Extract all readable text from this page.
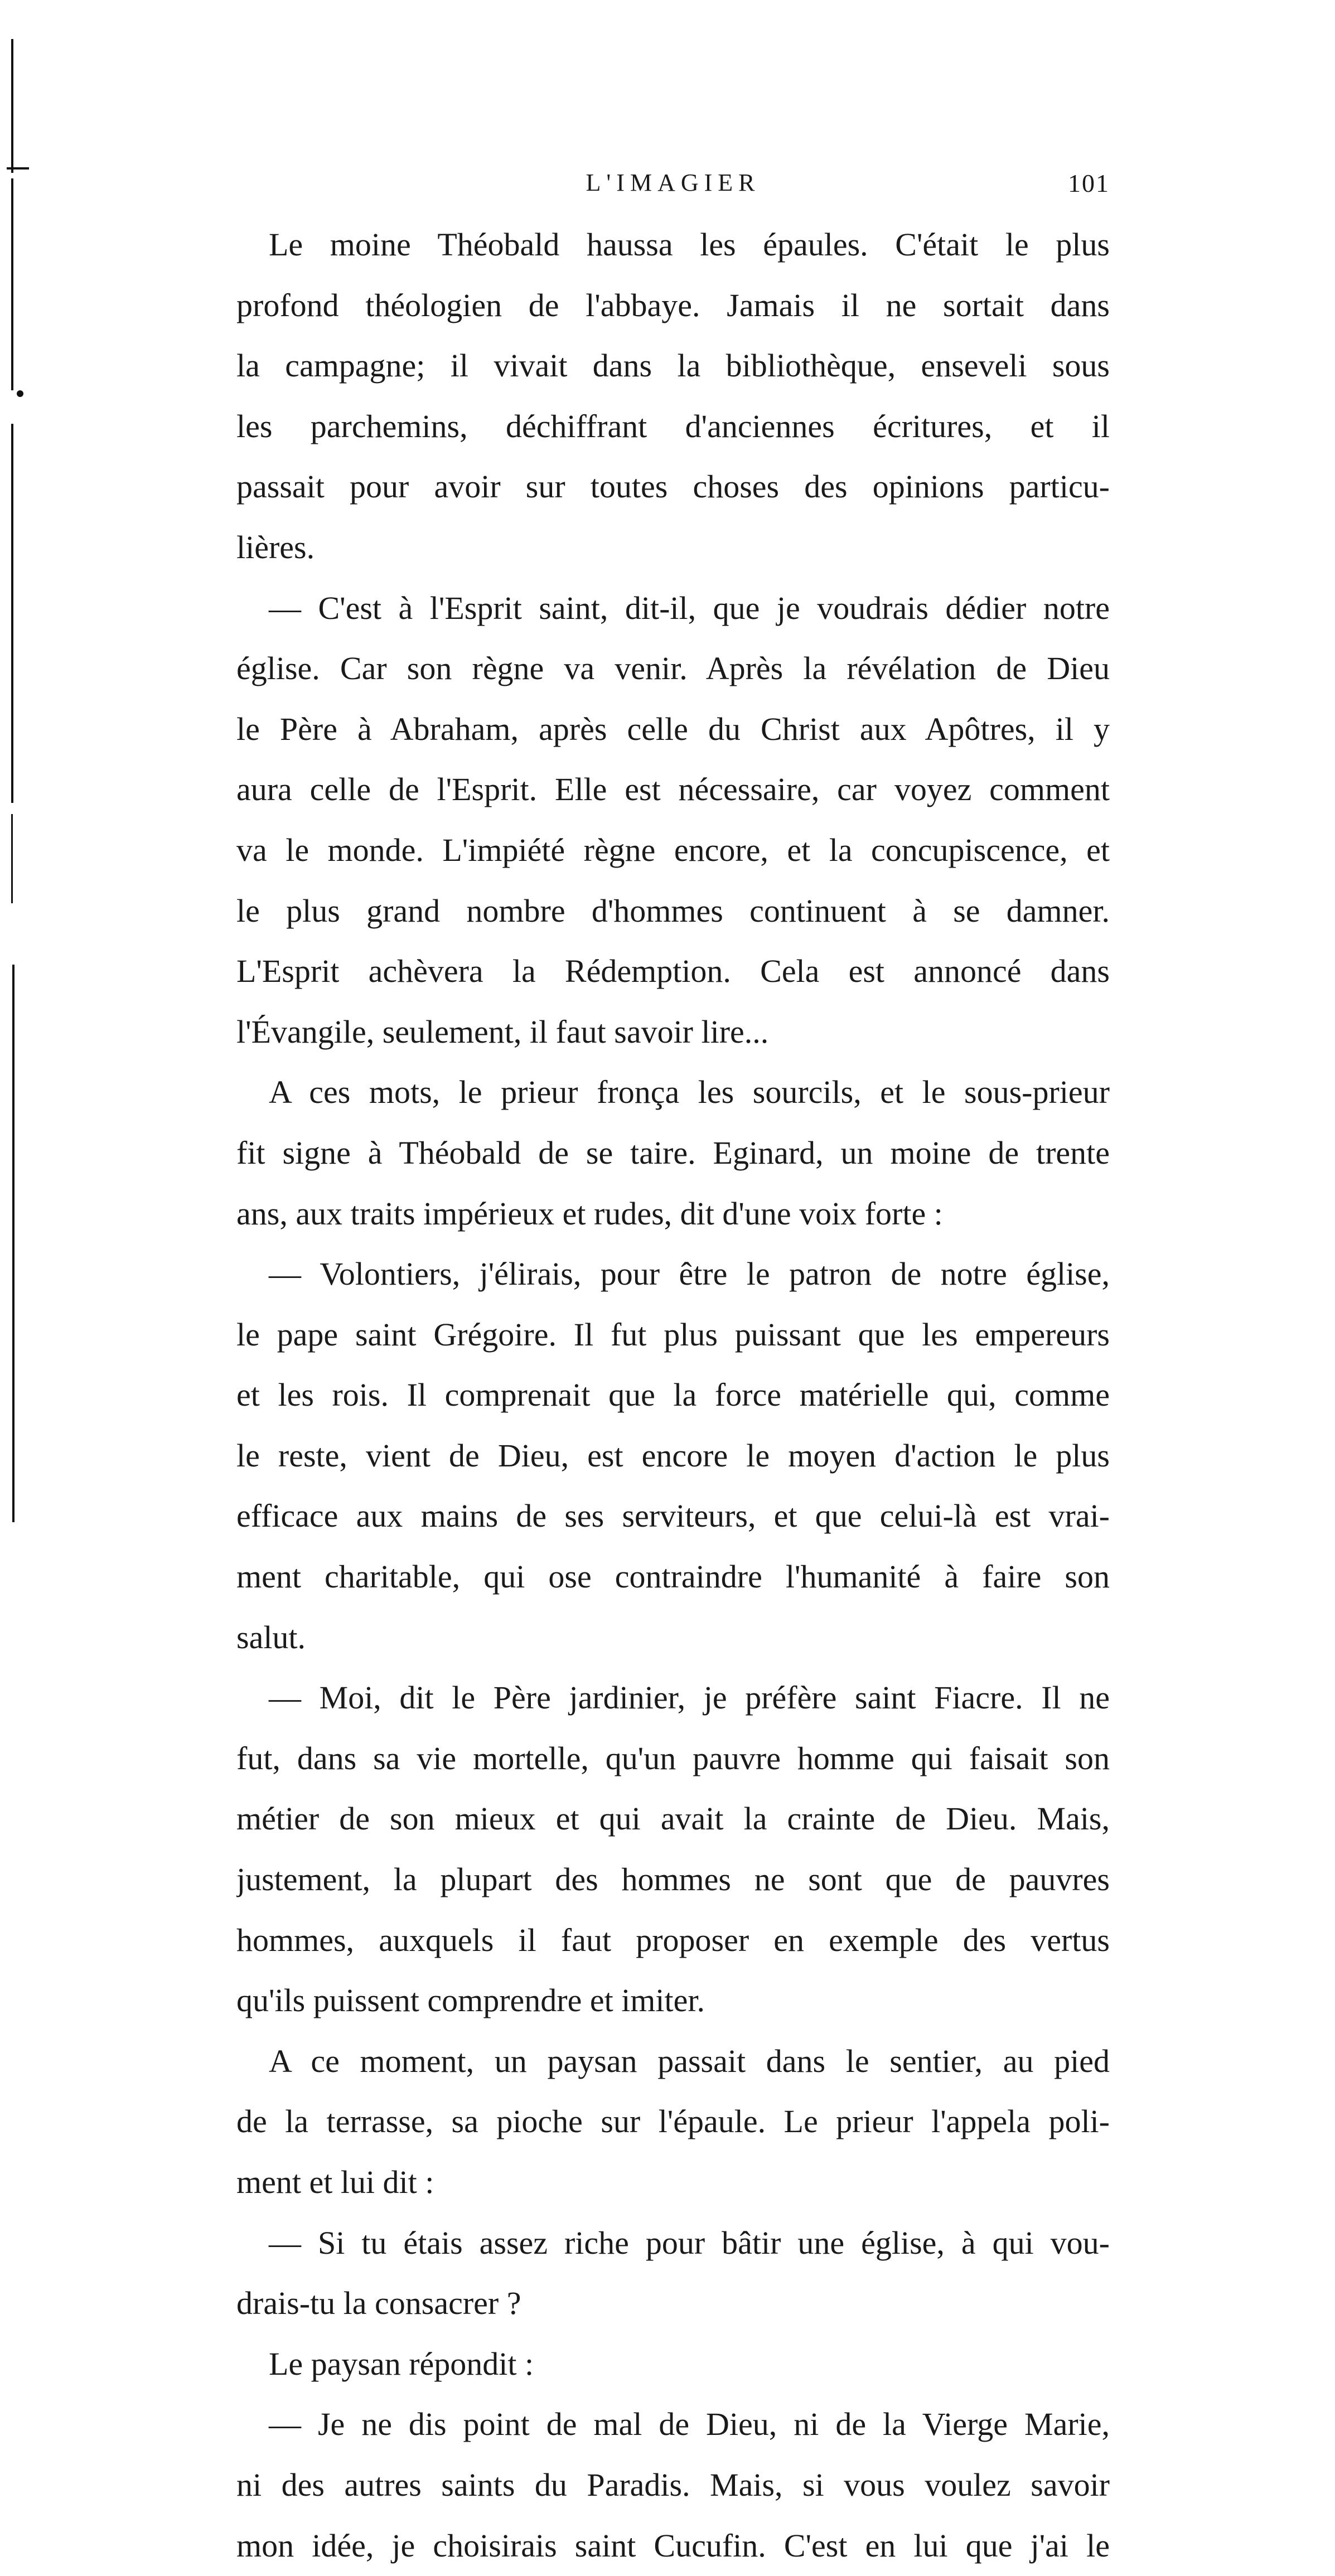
L'IMAGIER	101
Le moine Théobald haussa les épaules. C'était le plus
profond théologien de l'abbaye. Jamais il ne sortait dans
la campagne; il vivait dans la bibliothèque, enseveli sous
les parchemins, déchiffrant d'anciennes écritures, et il
passait pour avoir sur toutes choses des opinions particu-
lières.
— C'est à l'Esprit saint, dit-il, que je voudrais dédier notre
église. Car son règne va venir. Après la révélation de Dieu
le Père à Abraham, après celle du Christ aux Apôtres, il y
aura celle de l'Esprit. Elle est nécessaire, car voyez comment
va le monde. L'impiété règne encore, et la concupiscence, et
le plus grand nombre d'hommes continuent à se damner.
L'Esprit achèvera la Rédemption. Cela est annoncé dans
l'Évangile, seulement, il faut savoir lire...
A ces mots, le prieur fronça les sourcils, et le sous-prieur
fit signe à Théobald de se taire. Eginard, un moine de trente
ans, aux traits impérieux et rudes, dit d'une voix forte :
— Volontiers, j'élirais, pour être le patron de notre église,
le pape saint Grégoire. Il fut plus puissant que les empereurs
et les rois. Il comprenait que la force matérielle qui, comme
le reste, vient de Dieu, est encore le moyen d'action le plus
efficace aux mains de ses serviteurs, et que celui-là est vrai-
ment charitable, qui ose contraindre l'humanité à faire son
salut.
— Moi, dit le Père jardinier, je préfère saint Fiacre. Il ne
fut, dans sa vie mortelle, qu'un pauvre homme qui faisait son
métier de son mieux et qui avait la crainte de Dieu. Mais,
justement, la plupart des hommes ne sont que de pauvres
hommes, auxquels il faut proposer en exemple des vertus
qu'ils puissent comprendre et imiter.
A ce moment, un paysan passait dans le sentier, au pied
de la terrasse, sa pioche sur l'épaule. Le prieur l'appela poli-
ment et lui dit :
— Si tu étais assez riche pour bâtir une église, à qui vou-
drais-tu la consacrer ?
Le paysan répondit :
— Je ne dis point de mal de Dieu, ni de la Vierge Marie,
ni des autres saints du Paradis. Mais, si vous voulez savoir
mon idée, je choisirais saint Cucufin. C'est en lui que j'ai le
